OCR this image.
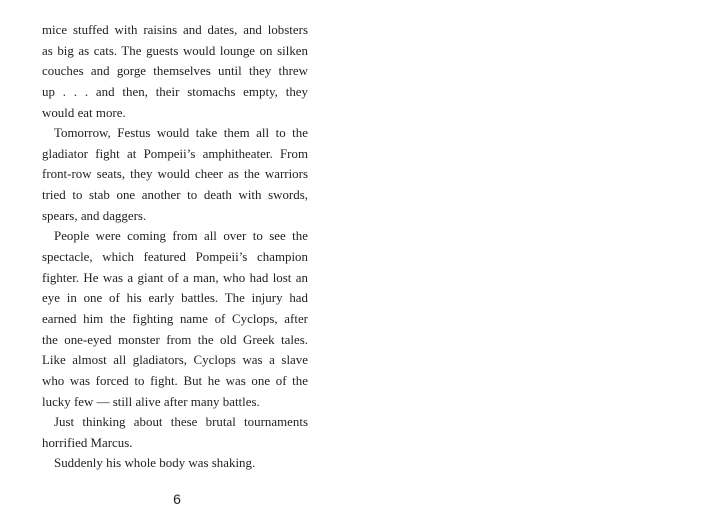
mice stuffed with raisins and dates, and lobsters
as big as cats. The guests would lounge on silken
couches and gorge themselves until they threw
up . . . and then, their stomachs empty, they
would eat more.
Tomorrow, Festus would take them all to the
gladiator fight at Pompeii’s amphitheater. From
front-row seats, they would cheer as the warriors
tried to stab one another to death with swords,
spears, and daggers.
People were coming from all over to see the
spectacle, which featured Pompeii’s champion
fighter. He was a giant of a man, who had lost an
eye in one of his early battles. The injury had
earned him the fighting name of Cyclops, after
the one-eyed monster from the old Greek tales.
Like almost all gladiators, Cyclops was a slave
who was forced to fight. But he was one of the
lucky few — still alive after many battles.
Just thinking about these brutal tournaments
horrified Marcus.
Suddenly his whole body was shaking.
6
